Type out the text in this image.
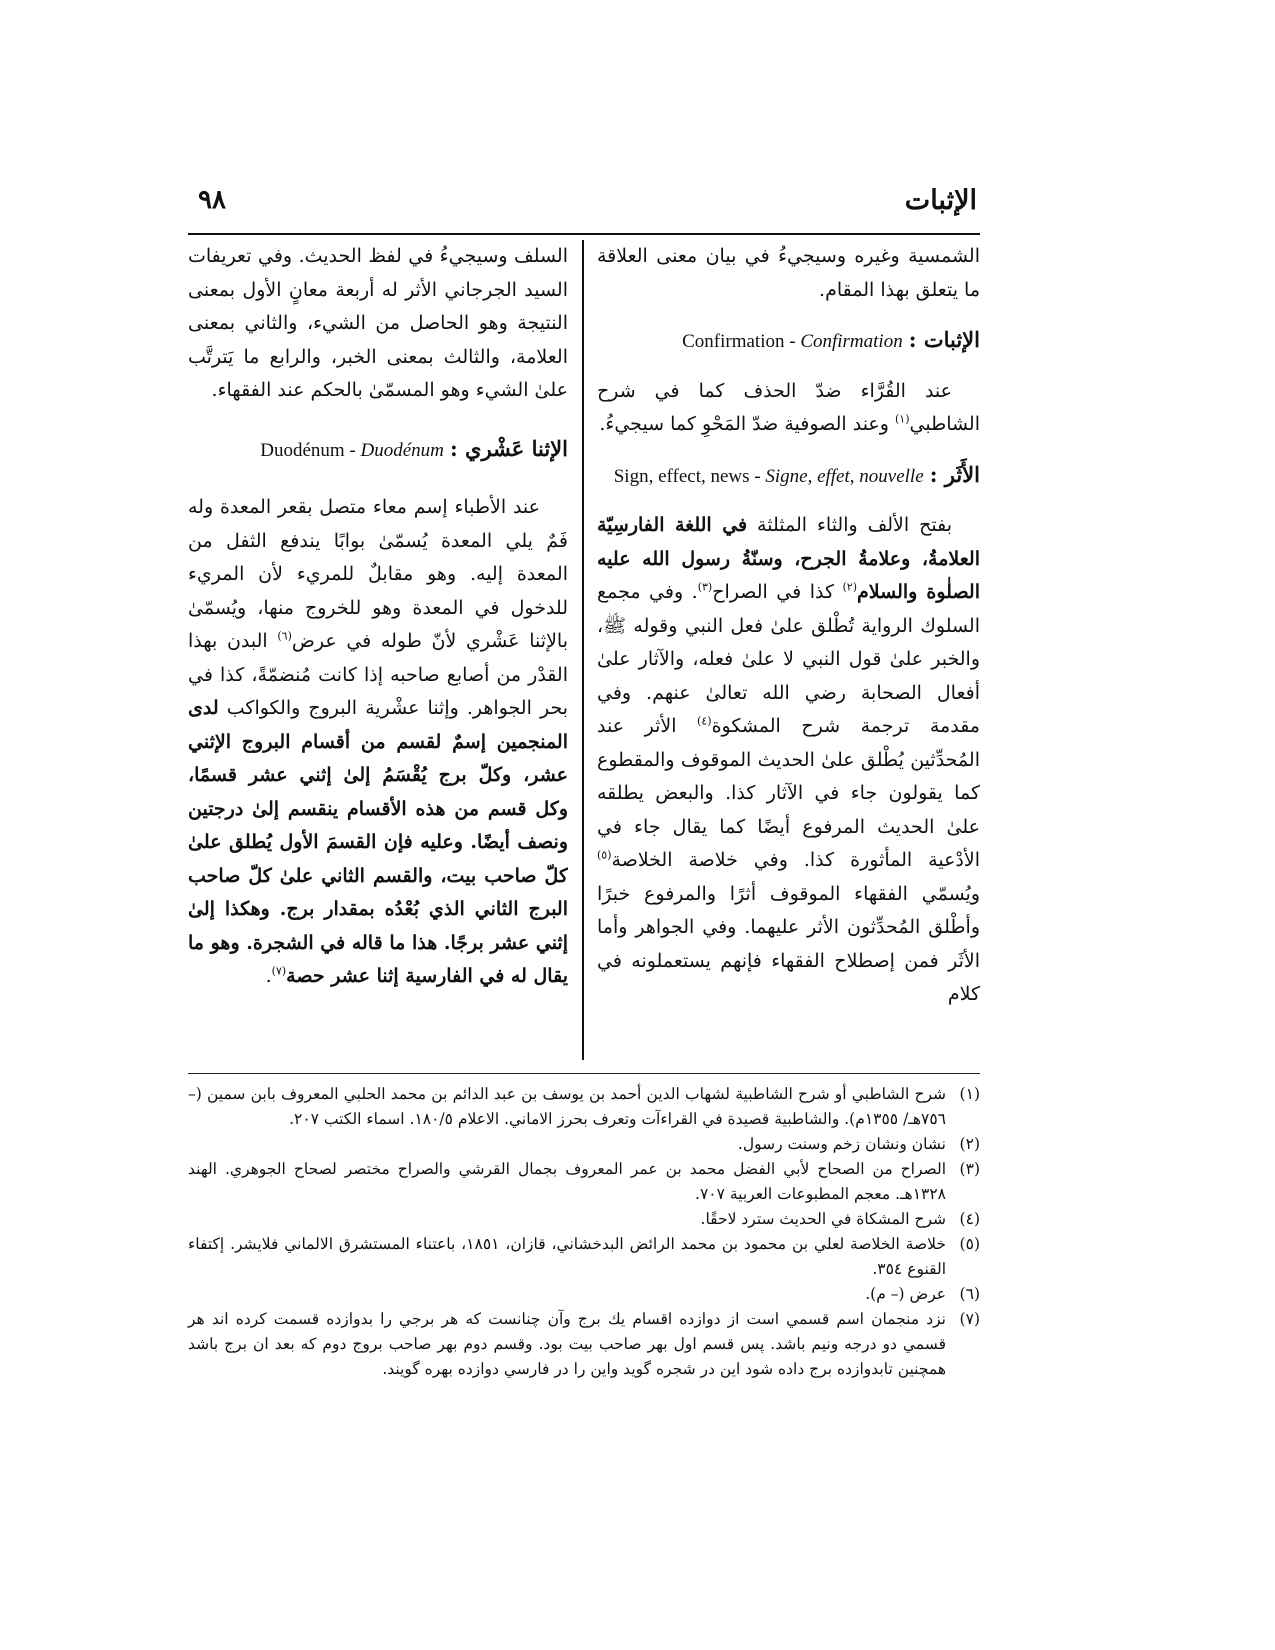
الإثبات
٩٨

الشمسية وغيره وسيجيءُ في بيان معنى العلاقة ما يتعلق بهذا المقام.

الإثبات : Confirmation - Confirmation

عند القُرَّاء ضدّ الحذف كما في شرح الشاطبي$^{(١)}$ وعند الصوفية ضدّ المَحْوِ كما سيجيءُ.

الأَثَر : Sign, effect, news - Signe, effet, nouvelle

بفتح الألف والثاء المثلثة في اللغة الفارسِيّة العلامةُ، وعلامةُ الجرح، وسنّةُ رسول الله عليه الصلٰوة والسلام$^{(٢)}$ كذا في الصراح$^{(٣)}$. وفي مجمع السلوك الرواية تُطْلق علىٰ فعل النبي وقوله ﷺ، والخبر علىٰ قول النبي لا علىٰ فعله، والآثار علىٰ أفعال الصحابة رضي الله تعالىٰ عنهم. وفي مقدمة ترجمة شرح المشكوة$^{(٤)}$ الأثر عند المُحدِّثين يُطْلق علىٰ الحديث الموقوف والمقطوع كما يقولون جاء في الآثار كذا. والبعض يطلقه علىٰ الحديث المرفوع أيضًا كما يقال جاء في الأدْعية المأثورة كذا. وفي خلاصة الخلاصة$^{(٥)}$ ويُسمّي الفقهاء الموقوف أثرًا والمرفوع خبرًا وأطْلق المُحدِّثون الأثر عليهما. وفي الجواهر وأما الأثَر فمن إصطلاح الفقهاء فإنهم يستعملونه في كلام

السلف وسيجيءُ في لفظ الحديث. وفي تعريفات السيد الجرجاني الأثر له أربعة معانٍ الأول بمعنى النتيجة وهو الحاصل من الشيء، والثاني بمعنى العلامة، والثالث بمعنى الخبر، والرابع ما يَترتَّب علىٰ الشيء وهو المسمّىٰ بالحكم عند الفقهاء.

الإثنا عَشْري : Duodénum - Duodénum

عند الأطباء إسم معاء متصل بقعر المعدة وله فَمٌ يلي المعدة يُسمّىٰ بوابًا يندفع الثفل من المعدة إليه. وهو مقابلٌ للمريء لأن المريء للدخول في المعدة وهو للخروج منها، ويُسمّىٰ بالإثنا عَشْري لأنّ طوله في عرض$^{(٦)}$ البدن بهذا القدْر من أصابع صاحبه إذا كانت مُنضمّةً، كذا في بحر الجواهر. وإثنا عشْرية البروج والكواكب لدى المنجمين إسمٌ لقسم من أقسام البروج الإثني عشر، وكلّ برج يُقْسَمُ إلىٰ إثني عشر قسمًا، وكل قسم من هذه الأقسام ينقسم إلىٰ درجتين ونصف أيضًا. وعليه فإن القسمَ الأول يُطلق علىٰ كلّ صاحب بيت، والقسم الثاني علىٰ كلّ صاحب البرج الثاني الذي بُعْدُه بمقدار برج. وهكذا إلىٰ إثني عشر برجًا. هذا ما قاله في الشجرة. وهو ما يقال له في الفارسية إثنا عشر حصة$^{(٧)}$.

(١)شرح الشاطبي أو شرح الشاطبية لشهاب الدين أحمد بن يوسف بن عبد الدائم بن محمد الحلبي المعروف بابن سمين (– ٧٥٦هـ/ ١٣٥٥م). والشاطبية قصيدة في القراءآت وتعرف بحرز الاماني. الاعلام ١٨٠/٥. اسماء الكتب ٢٠٧.

(٢)نشان ونشان زخم وسنت رسول.

(٣)الصراح من الصحاح لأبي الفضل محمد بن عمر المعروف بجمال القرشي والصراح مختصر لصحاح الجوهري. الهند ١٣٢٨هـ. معجم المطبوعات العربية ٧٠٧.

(٤)شرح المشكاة في الحديث سترد لاحقًا.

(٥)خلاصة الخلاصة لعلي بن محمود بن محمد الرائض البدخشاني، قازان، ١٨٥١، باعتناء المستشرق الالماني فلايشر. إكتفاء القنوع ٣٥٤.

(٦)عرض (– م).

(٧)نزد منجمان اسم قسمي است از دوازده اقسام يك برج وآن چنانست كه هر برجي را بدوازده قسمت كرده اند هر قسمي دو درجه ونيم باشد. پس قسم اول بهر صاحب بيت بود. وقسم دوم بهر صاحب بروج دوم كه بعد ان برج باشد همچنين تابدوازده برج داده شود اين در شجره گويد واين را در فارسي دوازده بهره گويند.
